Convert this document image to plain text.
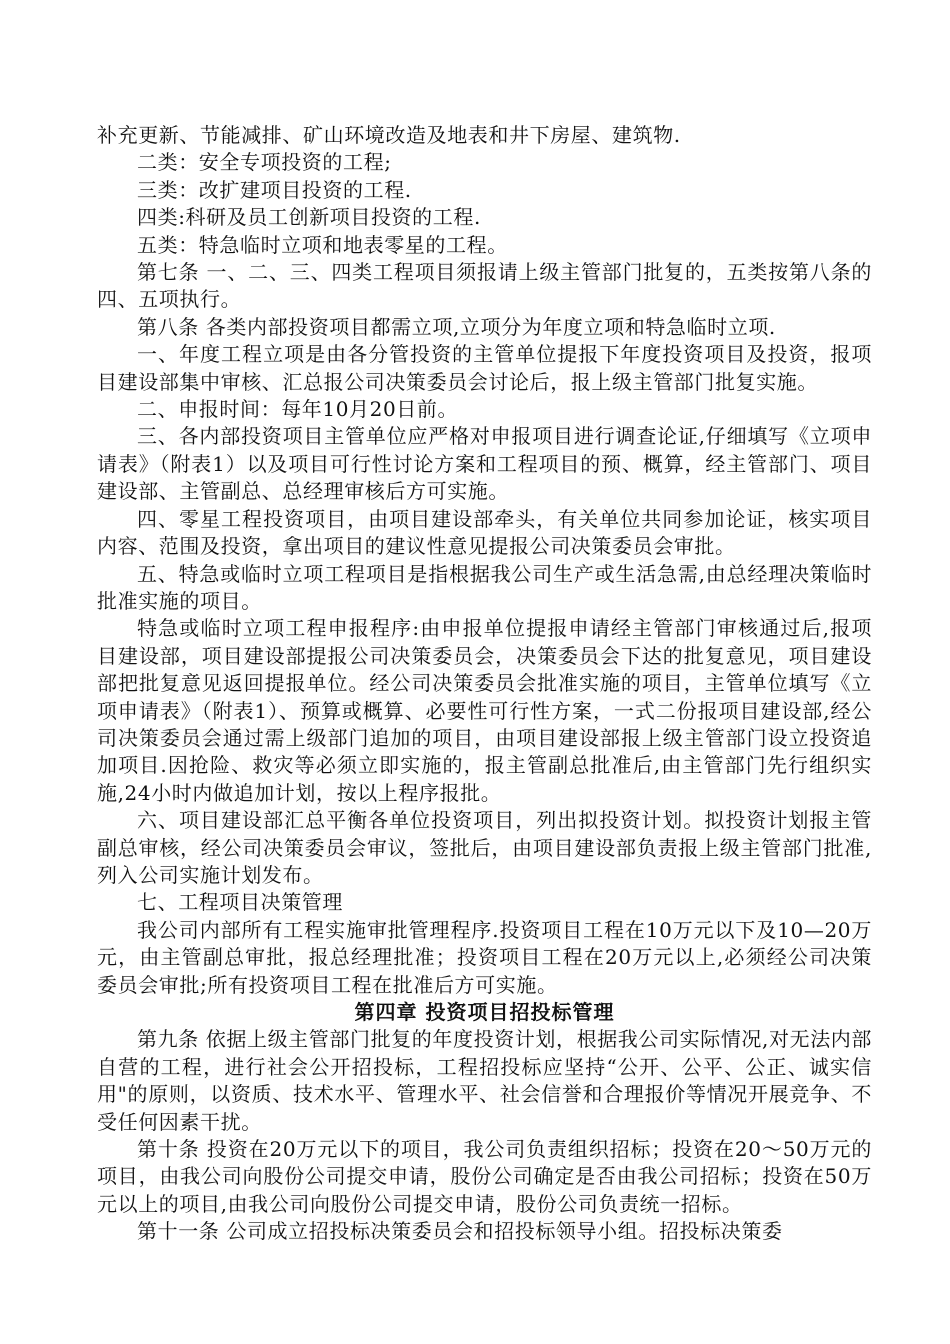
补充更新、节能减排、矿山环境改造及地表和井下房屋、建筑物.

二类：安全专项投资的工程;

三类：改扩建项目投资的工程.

四类:科研及员工创新项目投资的工程.

五类：特急临时立项和地表零星的工程。

第七条 一、二、三、四类工程项目须报请上级主管部门批复的，五类按第八条的四、五项执行。

第八条 各类内部投资项目都需立项,立项分为年度立项和特急临时立项.

一、年度工程立项是由各分管投资的主管单位提报下年度投资项目及投资，报项目建设部集中审核、汇总报公司决策委员会讨论后，报上级主管部门批复实施。

二、申报时间：每年10月20日前。

三、各内部投资项目主管单位应严格对申报项目进行调查论证,仔细填写《立项申请表》（附表1）以及项目可行性讨论方案和工程项目的预、概算，经主管部门、项目建设部、主管副总、总经理审核后方可实施。

四、零星工程投资项目，由项目建设部牵头，有关单位共同参加论证，核实项目内容、范围及投资，拿出项目的建议性意见提报公司决策委员会审批。

五、特急或临时立项工程项目是指根据我公司生产或生活急需,由总经理决策临时批准实施的项目。

特急或临时立项工程申报程序:由申报单位提报申请经主管部门审核通过后,报项目建设部，项目建设部提报公司决策委员会，决策委员会下达的批复意见，项目建设部把批复意见返回提报单位。经公司决策委员会批准实施的项目，主管单位填写《立项申请表》（附表1）、预算或概算、必要性可行性方案，一式二份报项目建设部,经公司决策委员会通过需上级部门追加的项目，由项目建设部报上级主管部门设立投资追加项目.因抢险、救灾等必须立即实施的，报主管副总批准后,由主管部门先行组织实施,24小时内做追加计划，按以上程序报批。

六、项目建设部汇总平衡各单位投资项目，列出拟投资计划。拟投资计划报主管副总审核，经公司决策委员会审议，签批后，由项目建设部负责报上级主管部门批准,列入公司实施计划发布。

七、工程项目决策管理

我公司内部所有工程实施审批管理程序.投资项目工程在10万元以下及10—20万元，由主管副总审批，报总经理批准；投资项目工程在20万元以上,必须经公司决策委员会审批;所有投资项目工程在批准后方可实施。

第四章 投资项目招投标管理

第九条 依据上级主管部门批复的年度投资计划，根据我公司实际情况,对无法内部自营的工程，进行社会公开招投标，工程招投标应坚持“公开、公平、公正、诚实信用"的原则，以资质、技术水平、管理水平、社会信誉和合理报价等情况开展竞争、不受任何因素干扰。

第十条 投资在20万元以下的项目，我公司负责组织招标；投资在20～50万元的项目，由我公司向股份公司提交申请，股份公司确定是否由我公司招标；投资在50万元以上的项目,由我公司向股份公司提交申请，股份公司负责统一招标。

第十一条 公司成立招投标决策委员会和招投标领导小组。招投标决策委
